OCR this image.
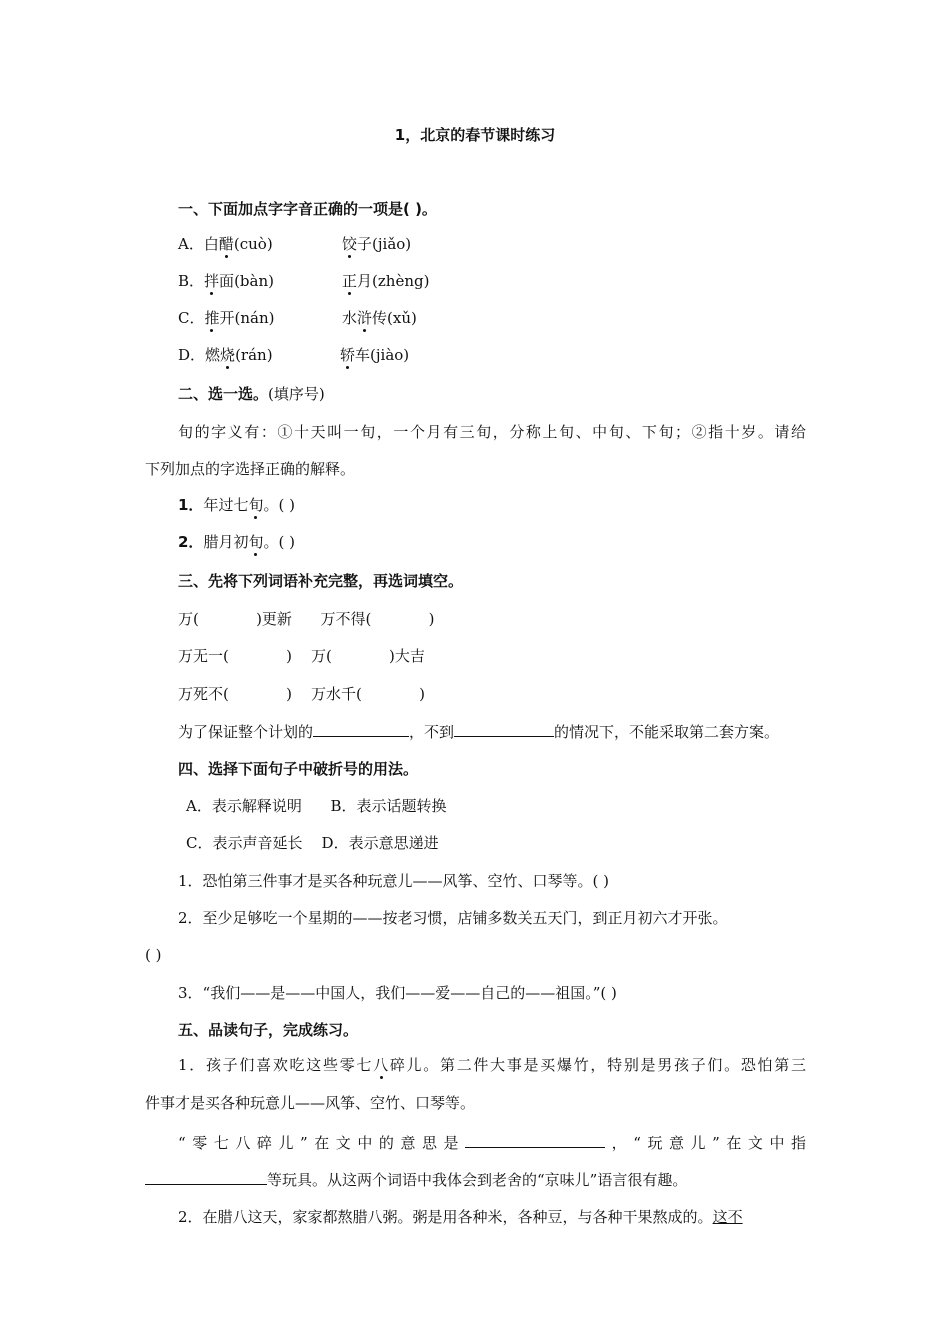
1，北京的春节课时练习
一、下面加点字字音正确的一项是( )。
A．白醋(cuò)	饺子(jiǎo)
B．拌面(bàn)	正月(zhèng)
C．推开(nán)	水浒传(xǔ)
D．燃烧(rán)	轿车(jiào)
二、选一选。(填序号)
旬的字义有：①十天叫一旬，一个月有三旬，分称上旬、中旬、下旬；②指十岁。请给
下列加点的字选择正确的解释。
1．年过七旬。( )
2．腊月初旬。( )
三、先将下列词语补充完整，再选词填空。
万(            )更新      万不得(            )
万无一(            )    万(            )大吉
万死不(            )    万水千(            )
为了保证整个计划的	，不到	的情况下，不能采取第二套方案。
四、选择下面句子中破折号的用法。
A．表示解释说明      B．表示话题转换
C．表示声音延长    D．表示意思递进
1．恐怕第三件事才是买各种玩意儿——风筝、空竹、口琴等。( )
2．至少足够吃一个星期的——按老习惯，店铺多数关五天门，到正月初六才开张。
( )
3．“我们——是——中国人，我们——爱——自己的——祖国。”( )
五、品读句子，完成练习。
1．孩子们喜欢吃这些零七八碎儿。第二件大事是买爆竹，特别是男孩子们。恐怕第三
件事才是买各种玩意儿——风筝、空竹、口琴等。
“零七八碎儿”在文中的意思是	，“玩意儿”在文中指
等玩具。从这两个词语中我体会到老舍的“京味儿”语言很有趣。
2．在腊八这天，家家都熬腊八粥。粥是用各种米，各种豆，与各种干果熬成的。这不
